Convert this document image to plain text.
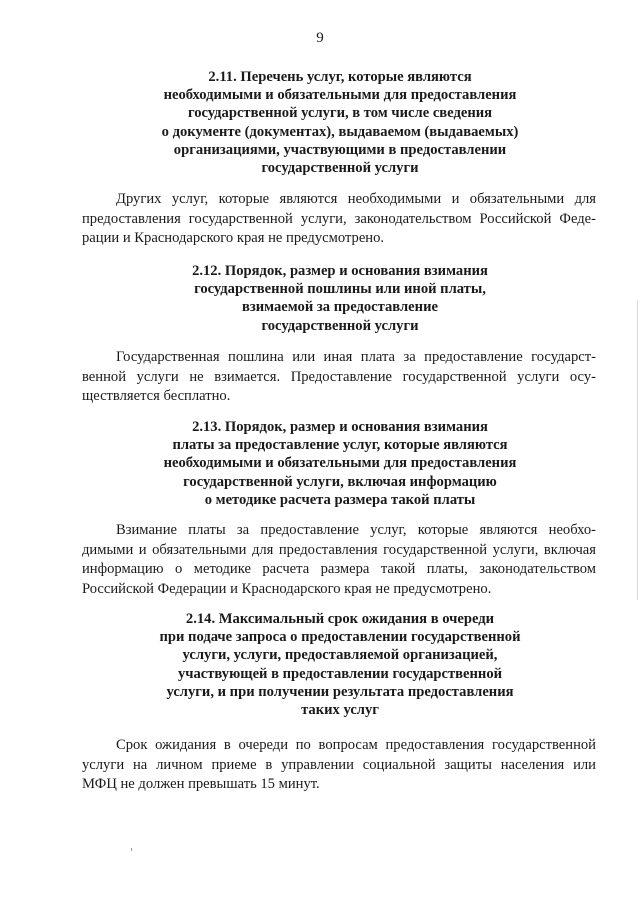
9
2.11. Перечень услуг, которые являются
необходимыми и обязательными для предоставления
государственной услуги, в том числе сведения
о документе (документах), выдаваемом (выдаваемых)
организациями, участвующими в предоставлении
государственной услуги
Других услуг, которые являются необходимыми и обязательными для
предоставления государственной услуги, законодательством Российской Феде-
рации и Краснодарского края не предусмотрено.
2.12. Порядок, размер и основания взимания
государственной пошлины или иной платы,
взимаемой за предоставление
государственной услуги
Государственная пошлина или иная плата за предоставление государст-
венной услуги не взимается. Предоставление государственной услуги осу-
ществляется бесплатно.
2.13. Порядок, размер и основания взимания
платы за предоставление услуг, которые являются
необходимыми и обязательными для предоставления
государственной услуги, включая информацию
о методике расчета размера такой платы
Взимание платы за предоставление услуг, которые являются необхо-
димыми и обязательными для предоставления государственной услуги, включая
информацию о методике расчета размера такой платы, законодательством
Российской Федерации и Краснодарского края не предусмотрено.
2.14. Максимальный срок ожидания в очереди
при подаче запроса о предоставлении государственной
услуги, услуги, предоставляемой организацией,
участвующей в предоставлении государственной
услуги, и при получении результата предоставления
таких услуг
Срок ожидания в очереди по вопросам предоставления государственной
услуги на личном приеме в управлении социальной защиты населения или
МФЦ не должен превышать 15 минут.
